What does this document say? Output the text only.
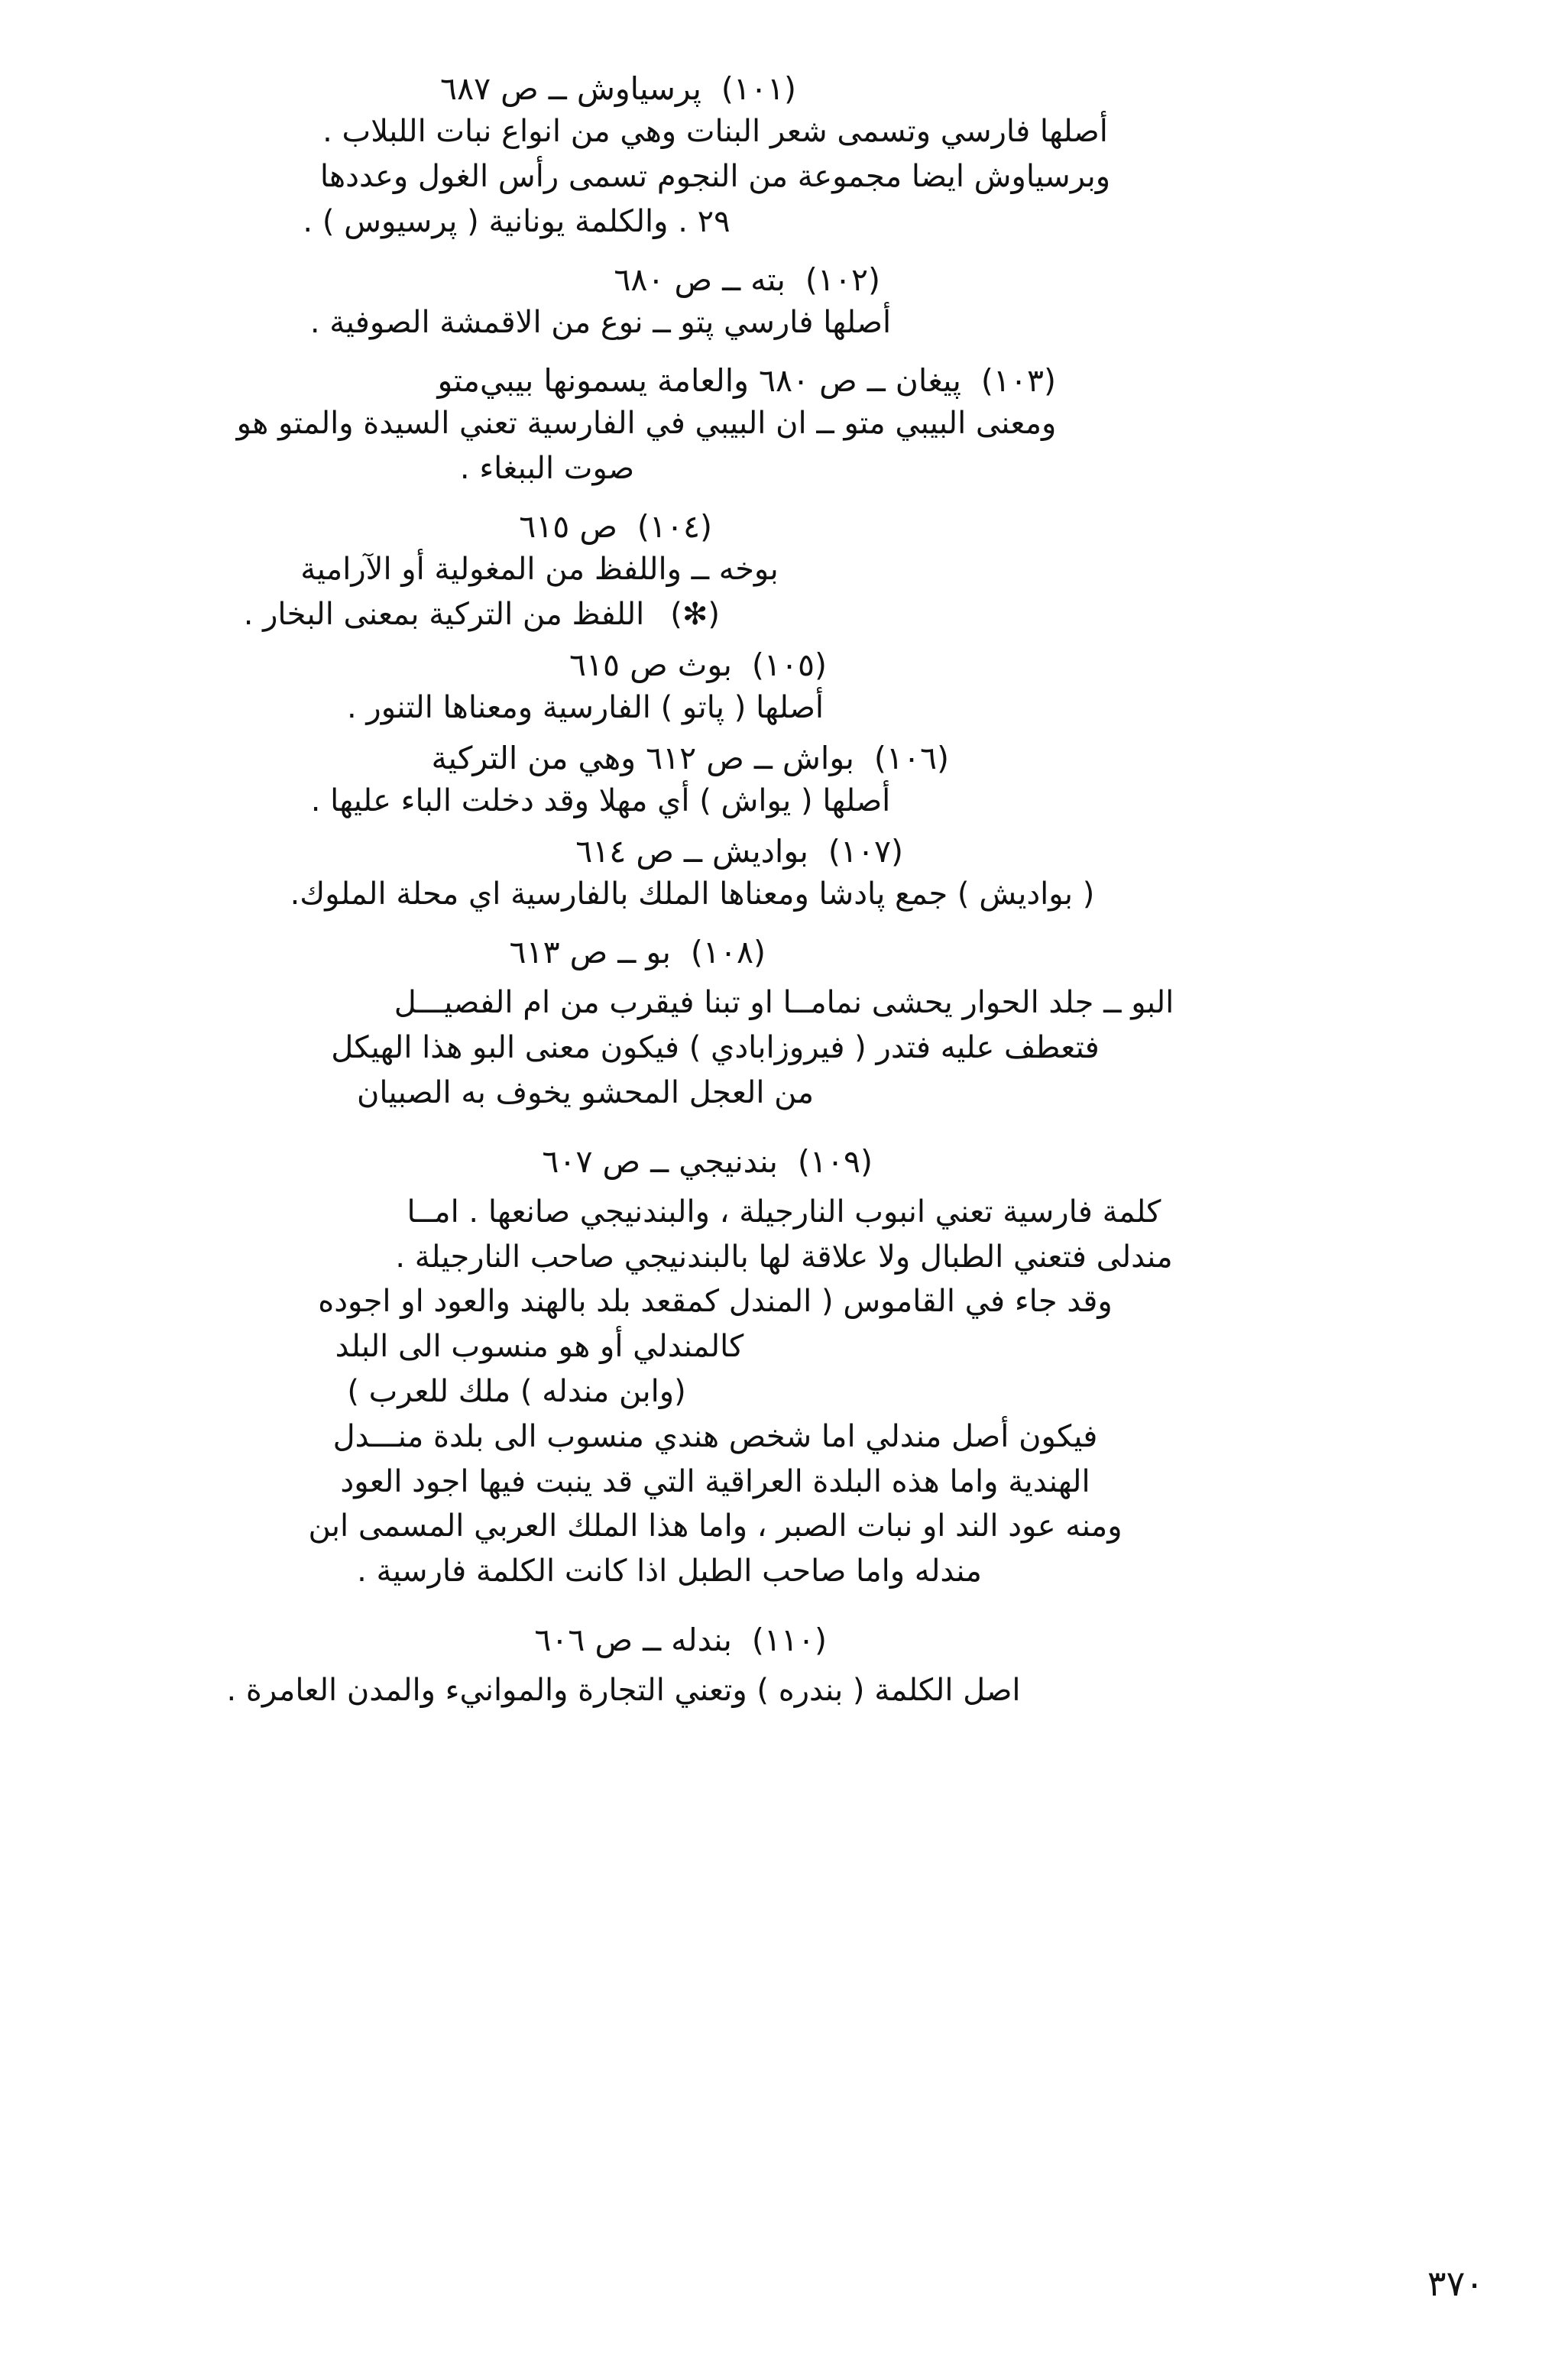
(١٠١)
پرسياوش ــ ص ٦٨٧
أصلها فارسي وتسمى شعر البنات وهي من انواع نبات اللبلاب .
وبرسياوش ايضا مجموعة من النجوم تسمى رأس الغول وعددها
٢٩ . والكلمة يونانية ( پرسيوس ) .
(١٠٢)
بته ــ ص ٦٨٠
أصلها فارسي پتو ــ نوع من الاقمشة الصوفية .
(١٠٣)
پيغان ــ ص ٦٨٠ والعامة يسمونها بيبي‌متو
ومعنى البيبي متو ــ ان البيبي في الفارسية تعني السيدة والمتو هو
صوت الببغاء .
(١٠٤)
ص ٦١٥
بوخه ــ واللفظ من المغولية أو الآرامية
(✻)
اللفظ من التركية بمعنى البخار .
(١٠٥)
بوث ص ٦١٥
أصلها ( پاتو ) الفارسية ومعناها التنور .
(١٠٦)
بواش ــ ص ٦١٢ وهي من التركية
أصلها ( يواش ) أي مهلا وقد دخلت الباء عليها .
(١٠٧)
بواديش ــ ص ٦١٤
( بواديش ) جمع پادشا ومعناها الملك بالفارسية اي محلة الملوك.
(١٠٨)
بو ــ ص ٦١٣
البو ــ جلد الحوار يحشى نمامــا او تبنا فيقرب من ام الفصيـــل
فتعطف عليه فتدر ( فيروزابادي ) فيكون معنى البو هذا الهيكل
من العجل المحشو يخوف به الصبيان
(١٠٩)
بندنيجي ــ ص ٦٠٧
كلمة فارسية تعني انبوب النارجيلة ، والبندنيجي صانعها . امــا
مندلى فتعني الطبال ولا علاقة لها بالبندنيجي صاحب النارجيلة .
وقد جاء في القاموس ( المندل كمقعد بلد بالهند والعود او اجوده
كالمندلي أو هو منسوب الى البلد
(وابن مندله ) ملك للعرب )
فيكون أصل مندلي اما شخص هندي منسوب الى بلدة منـــدل
الهندية واما هذه البلدة العراقية التي قد ينبت فيها اجود العود
ومنه عود الند او نبات الصبر ، واما هذا الملك العربي المسمى ابن
مندله واما صاحب الطبل اذا كانت الكلمة فارسية .
(١١٠)
بندله ــ ص ٦٠٦
اصل الكلمة ( بندره ) وتعني التجارة والموانيء والمدن العامرة .
٣٧٠
